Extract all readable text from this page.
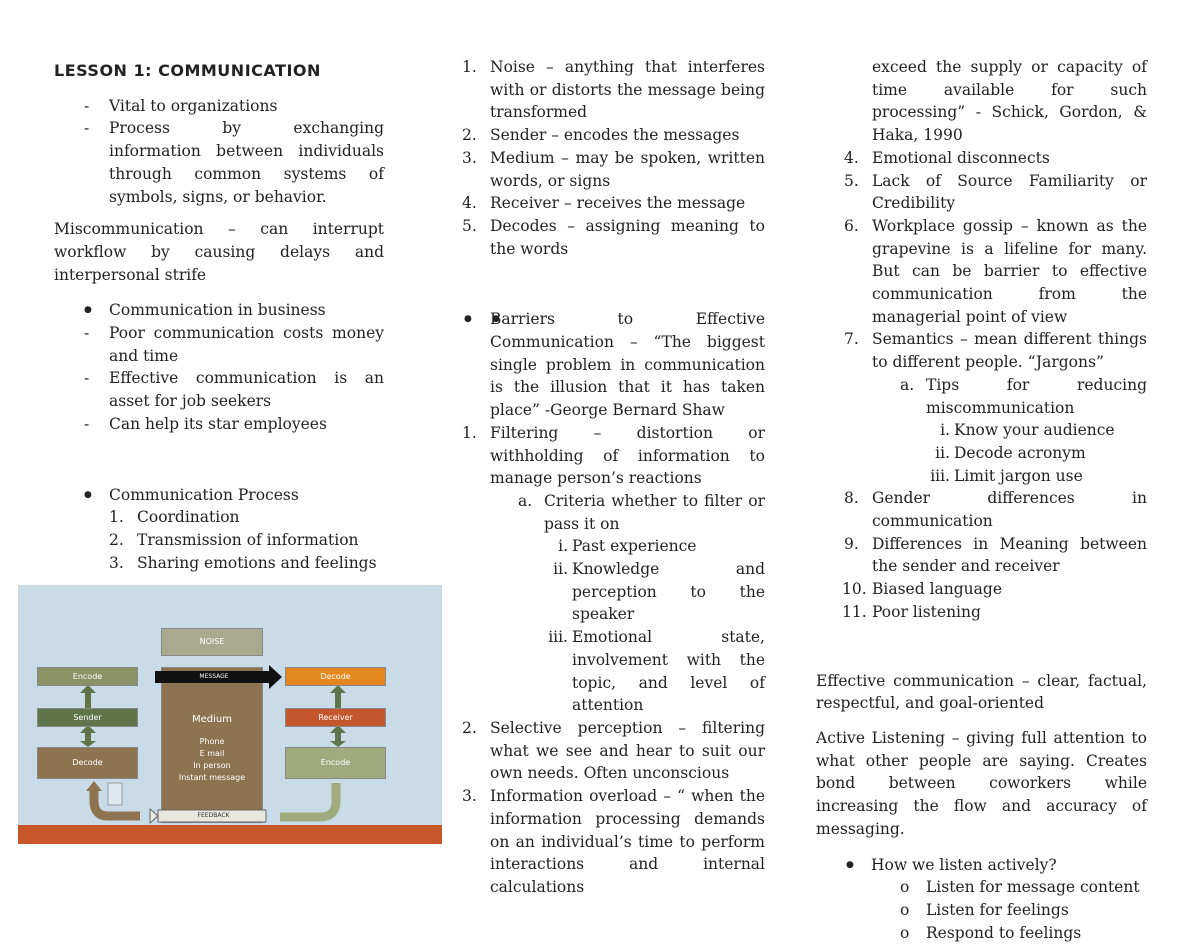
LESSON 1: COMMUNICATION
- Vital to organizations
- Process by exchanging information between individuals through common systems of symbols, signs, or behavior.
Miscommunication – can interrupt workflow by causing delays and interpersonal strife
● Communication in business
- Poor communication costs money and time
- Effective communication is an asset for job seekers
- Can help its star employees
● Communication Process
1. Coordination
2. Transmission of information
3. Sharing emotions and feelings
NOISE
Medium
Phone
E mail
In person
Instant message
FEEDBACK
MESSAGE
Encode
Sender
Decode
Decode
Receiver
Encode
1. Noise – anything that interferes with or distorts the message being transformed
2. Sender – encodes the messages
3. Medium – may be spoken, written words, or signs
4. Receiver – receives the message
5. Decodes – assigning meaning to the words
● ● Barriers to Effective Communication – “The biggest single problem in communication is the illusion that it has taken place” -George Bernard Shaw
1. Filtering – distortion or withholding of information to manage person’s reactions
a. Criteria whether to filter or pass it on
i. Past experience
ii. Knowledge and perception to the speaker
iii. Emotional state, involvement with the topic, and level of attention
2. Selective perception – filtering what we see and hear to suit our own needs. Often unconscious
3. Information overload – “ when the information processing demands on an individual’s time to perform interactions and internal calculations
exceed the supply or capacity of time available for such processing” - Schick, Gordon, & Haka, 1990
4. Emotional disconnects
5. Lack of Source Familiarity or Credibility
6. Workplace gossip – known as the grapevine is a lifeline for many. But can be barrier to effective communication from the managerial point of view
7. Semantics – mean different things to different people. “Jargons”
a. Tips for reducing miscommunication
i. Know your audience
ii. Decode acronym
iii. Limit jargon use
8. Gender differences in communication
9. Differences in Meaning between the sender and receiver
10. Biased language
11. Poor listening
Effective communication – clear, factual, respectful, and goal-oriented
Active Listening – giving full attention to what other people are saying. Creates bond between coworkers while increasing the flow and accuracy of messaging.
● How we listen actively?
o Listen for message content
o Listen for feelings
o Respond to feelings
